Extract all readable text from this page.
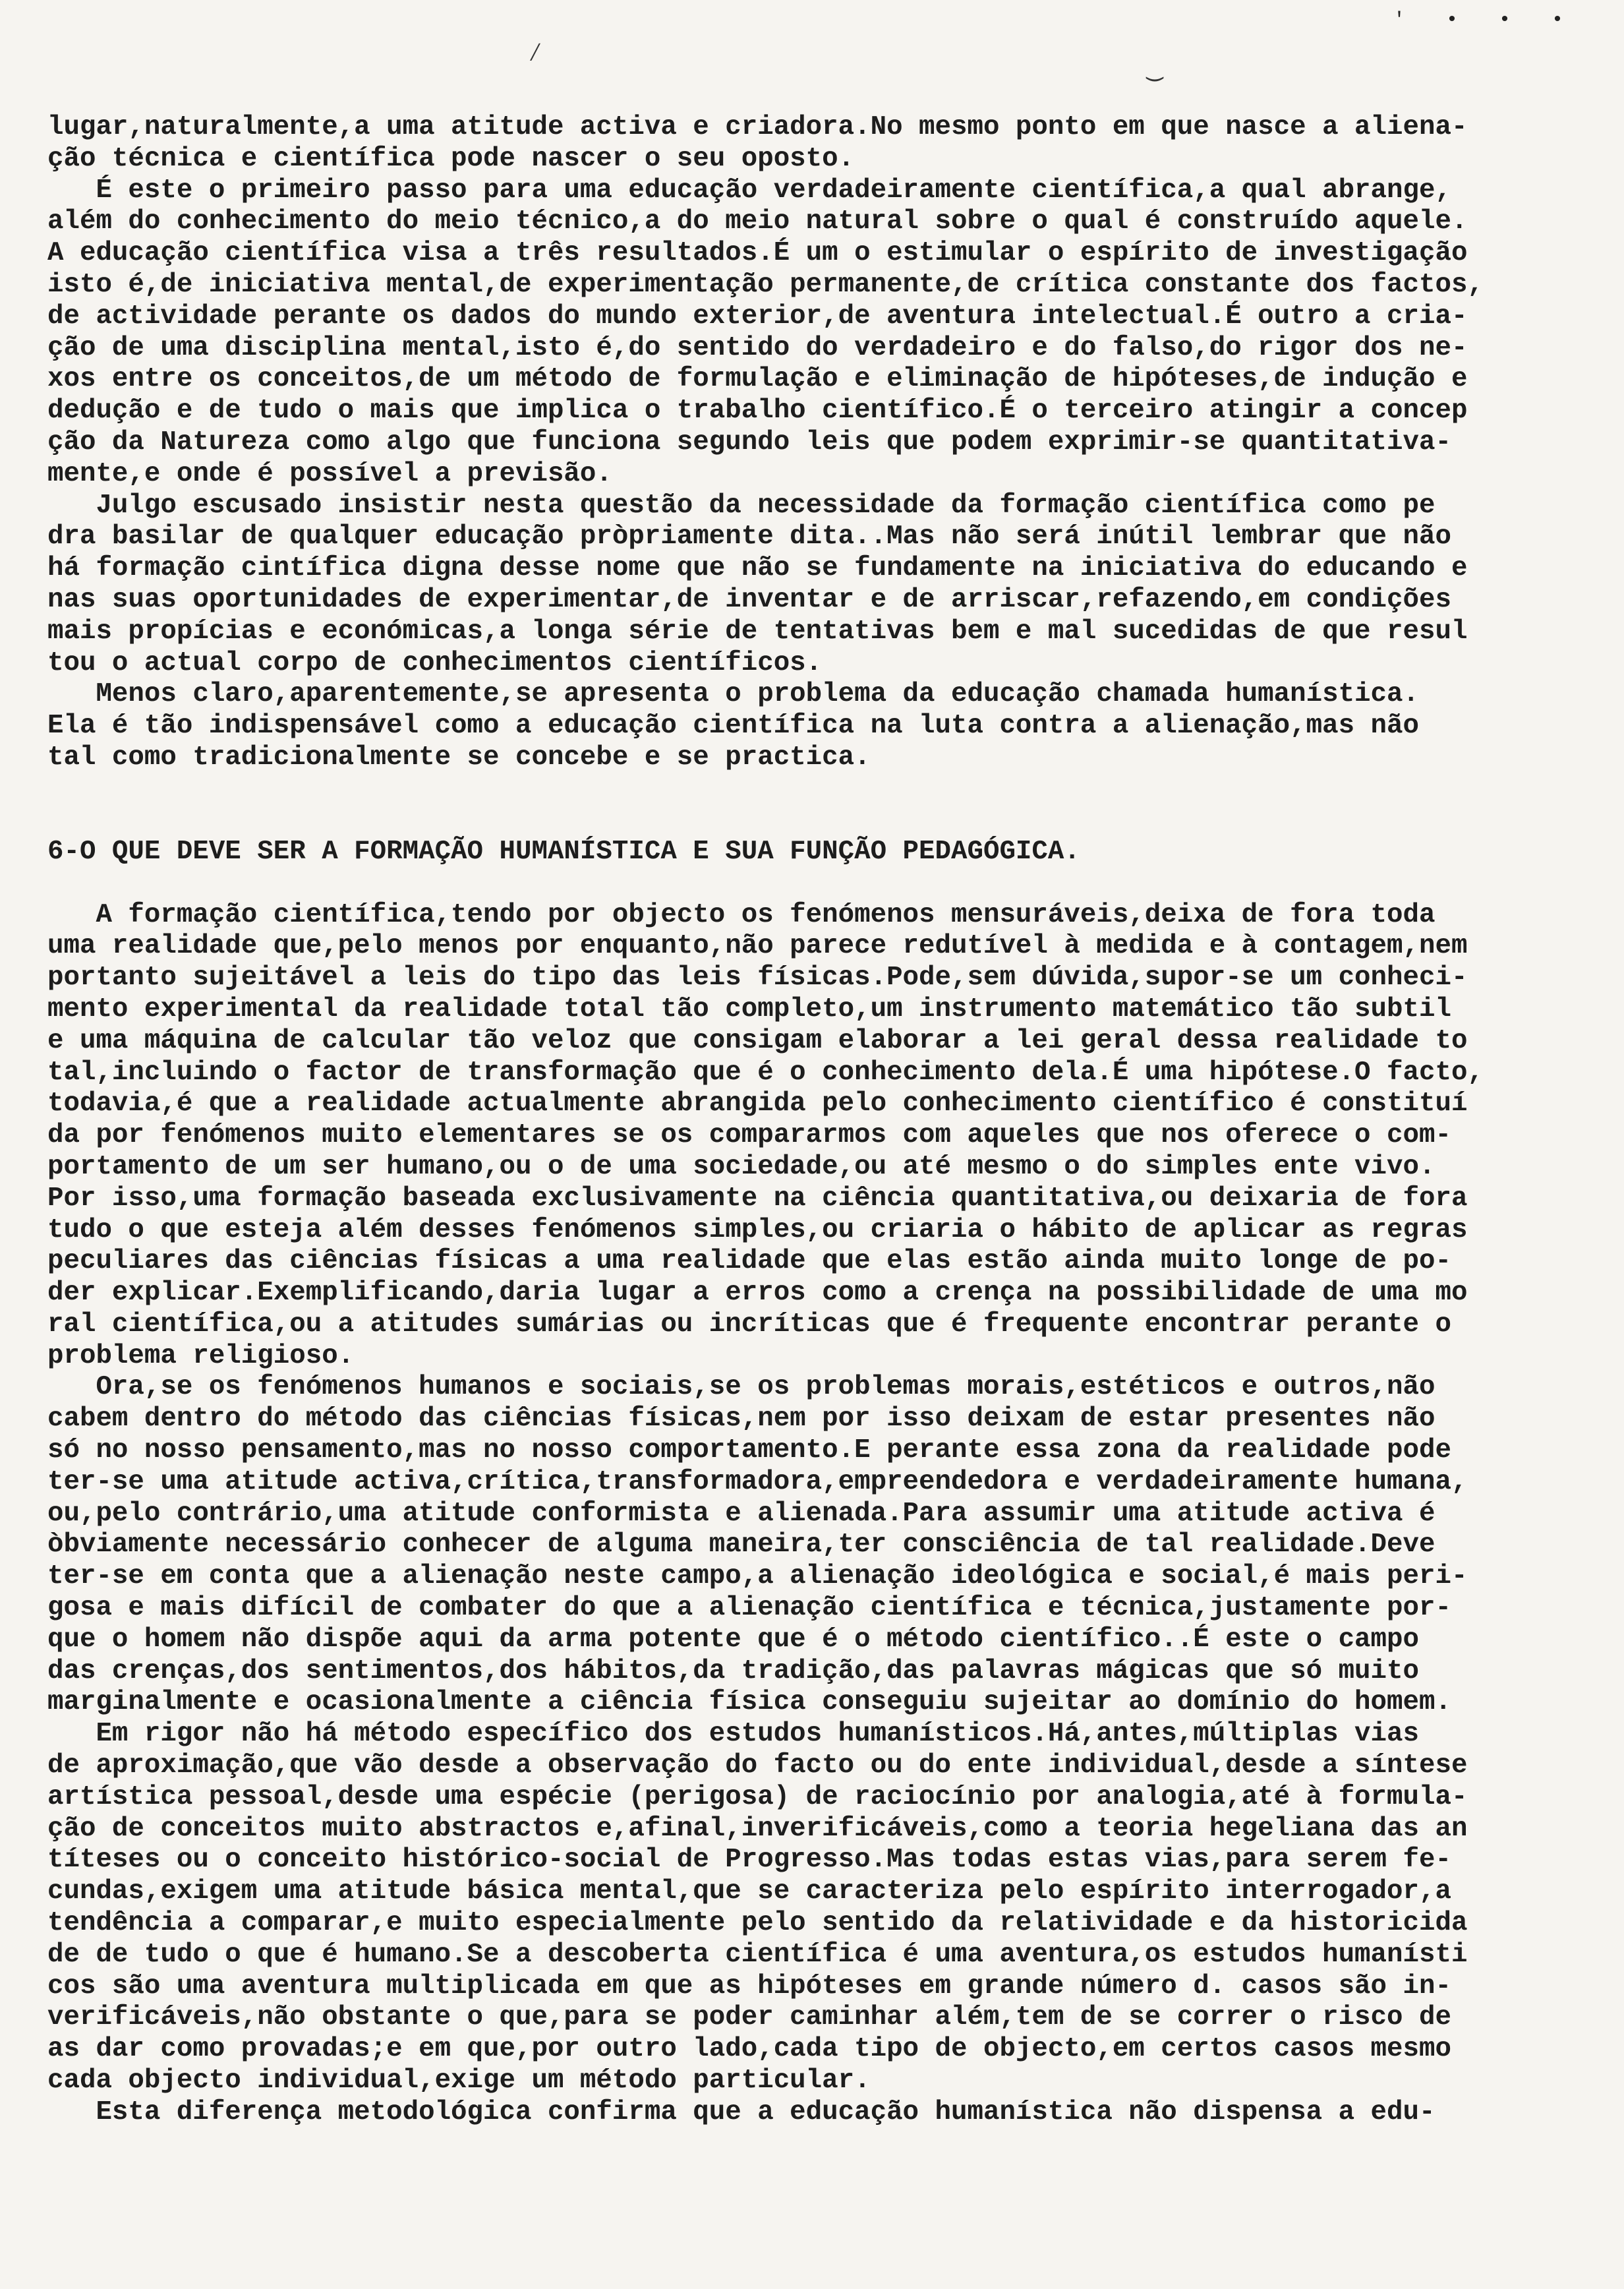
' • • •
⁄	‿

lugar,naturalmente,a uma atitude activa e criadora.No mesmo ponto em que nasce a aliena-
ção técnica e científica pode nascer o seu oposto.

É este o primeiro passo para uma educação verdadeiramente científica,a qual abrange,
além do conhecimento do meio técnico,a do meio natural sobre o qual é construído aquele.
A educação científica visa a três resultados.É um o estimular o espírito de investigação
isto é,de iniciativa mental,de experimentação permanente,de crítica constante dos factos,
de actividade perante os dados do mundo exterior,de aventura intelectual.É outro a cria-
ção de uma disciplina mental,isto é,do sentido do verdadeiro e do falso,do rigor dos ne-
xos entre os conceitos,de um método de formulação e eliminação de hipóteses,de indução e
dedução e de tudo o mais que implica o trabalho científico.É o terceiro atingir a concep
ção da Natureza como algo que funciona segundo leis que podem exprimir-se quantitativa-
mente,e onde é possível a previsão.

Julgo escusado insistir nesta questão da necessidade da formação científica como pe
dra basilar de qualquer educação pròpriamente dita..Mas não será inútil lembrar que não
há formação cintífica digna desse nome que não se fundamente na iniciativa do educando e
nas suas oportunidades de experimentar,de inventar e de arriscar,refazendo,em condições
mais propícias e económicas,a longa série de tentativas bem e mal sucedidas de que resul
tou o actual corpo de conhecimentos científicos.

Menos claro,aparentemente,se apresenta o problema da educação chamada humanística.
Ela é tão indispensável como a educação científica na luta contra a alienação,mas não
tal como tradicionalmente se concebe e se practica.

6-O QUE DEVE SER A FORMAÇÃO HUMANÍSTICA E SUA FUNÇÃO PEDAGÓGICA.

A formação científica,tendo por objecto os fenómenos mensuráveis,deixa de fora toda
uma realidade que,pelo menos por enquanto,não parece redutível à medida e à contagem,nem
portanto sujeitável a leis do tipo das leis físicas.Pode,sem dúvida,supor-se um conheci-
mento experimental da realidade total tão completo,um instrumento matemático tão subtil
e uma máquina de calcular tão veloz que consigam elaborar a lei geral dessa realidade to
tal,incluindo o factor de transformação que é o conhecimento dela.É uma hipótese.O facto,
todavia,é que a realidade actualmente abrangida pelo conhecimento científico é constituí
da por fenómenos muito elementares se os compararmos com aqueles que nos oferece o com-
portamento de um ser humano,ou o de uma sociedade,ou até mesmo o do simples ente vivo.
Por isso,uma formação baseada exclusivamente na ciência quantitativa,ou deixaria de fora
tudo o que esteja além desses fenómenos simples,ou criaria o hábito de aplicar as regras
peculiares das ciências físicas a uma realidade que elas estão ainda muito longe de po-
der explicar.Exemplificando,daria lugar a erros como a crença na possibilidade de uma mo
ral científica,ou a atitudes sumárias ou incríticas que é frequente encontrar perante o
problema religioso.

Ora,se os fenómenos humanos e sociais,se os problemas morais,estéticos e outros,não
cabem dentro do método das ciências físicas,nem por isso deixam de estar presentes não
só no nosso pensamento,mas no nosso comportamento.E perante essa zona da realidade pode
ter-se uma atitude activa,crítica,transformadora,empreendedora e verdadeiramente humana,
ou,pelo contrário,uma atitude conformista e alienada.Para assumir uma atitude activa é
òbviamente necessário conhecer de alguma maneira,ter consciência de tal realidade.Deve
ter-se em conta que a alienação neste campo,a alienação ideológica e social,é mais peri-
gosa e mais difícil de combater do que a alienação científica e técnica,justamente por-
que o homem não dispõe aqui da arma potente que é o método científico..É este o campo
das crenças,dos sentimentos,dos hábitos,da tradição,das palavras mágicas que só muito
marginalmente e ocasionalmente a ciência física conseguiu sujeitar ao domínio do homem.

Em rigor não há método específico dos estudos humanísticos.Há,antes,múltiplas vias
de aproximação,que vão desde a observação do facto ou do ente individual,desde a síntese
artística pessoal,desde uma espécie (perigosa) de raciocínio por analogia,até à formula-
ção de conceitos muito abstractos e,afinal,inverificáveis,como a teoria hegeliana das an
títeses ou o conceito histórico-social de Progresso.Mas todas estas vias,para serem fe-
cundas,exigem uma atitude básica mental,que se caracteriza pelo espírito interrogador,a
tendência a comparar,e muito especialmente pelo sentido da relatividade e da historicida
de de tudo o que é humano.Se a descoberta científica é uma aventura,os estudos humanísti
cos são uma aventura multiplicada em que as hipóteses em grande número d. casos são in-
verificáveis,não obstante o que,para se poder caminhar além,tem de se correr o risco de
as dar como provadas;e em que,por outro lado,cada tipo de objecto,em certos casos mesmo
cada objecto individual,exige um método particular.

Esta diferença metodológica confirma que a educação humanística não dispensa a edu-
